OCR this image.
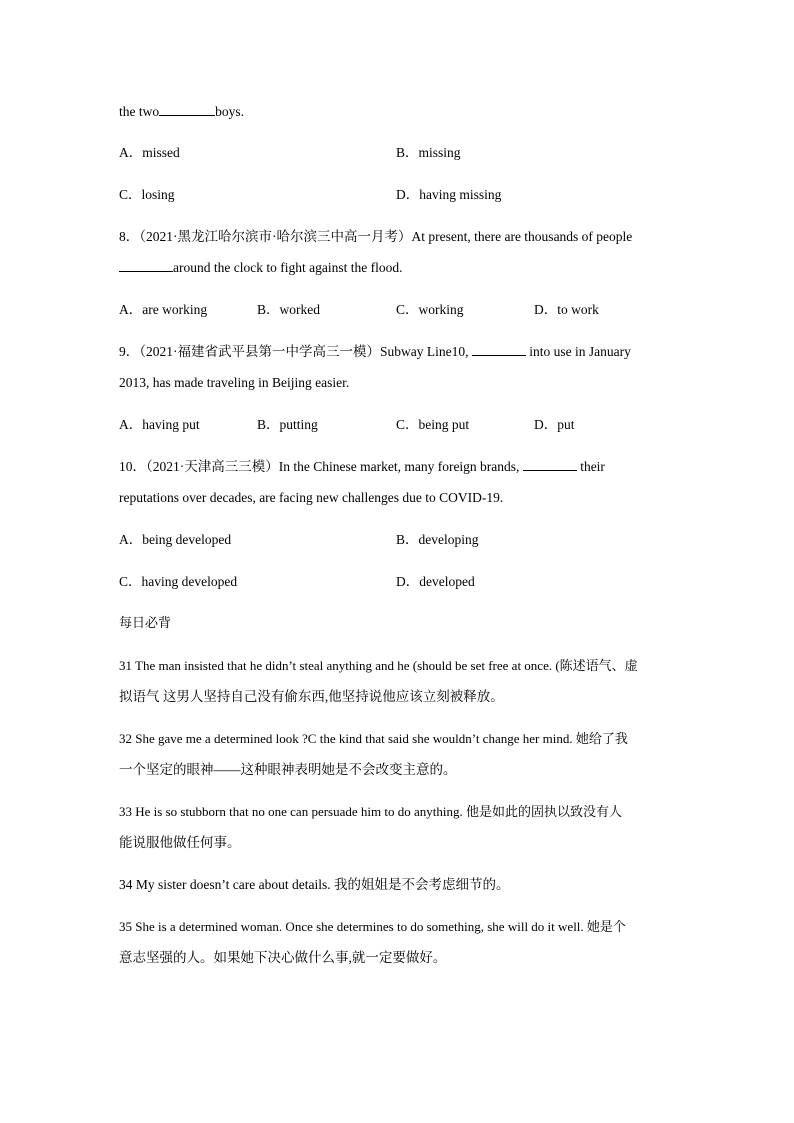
the two	boys.
A．missed	B．missing
C．losing	D．having missing
8．（2021·黑龙江哈尔滨市·哈尔滨三中高一月考）At present, there are thousands of people
around the clock to fight against the flood.
A．are working	B．worked	C．working	D．to work
9．（2021·福建省武平县第一中学高三一模）Subway Line10,	into use in January
2013, has made traveling in Beijing easier.
A．having put	B．putting	C．being put	D．put
10．（2021·天津高三三模）In the Chinese market, many foreign brands,	their
reputations over decades, are facing new challenges due to COVID-19.
A．being developed	B．developing
C．having developed	D．developed
每日必背
31 The man insisted that he didn’t steal anything and he (should be set free at once. (陈述语气、虚
拟语气 这男人坚持自己没有偷东西,他坚持说他应该立刻被释放。
32 She gave me a determined look ?C the kind that said she wouldn’t change her mind. 她给了我
一个坚定的眼神——这种眼神表明她是不会改变主意的。
33 He is so stubborn that no one can persuade him to do anything. 他是如此的固执以致没有人
能说服他做任何事。
34 My sister doesn’t care about details. 我的姐姐是不会考虑细节的。
35 She is a determined woman. Once she determines to do something, she will do it well. 她是个
意志坚强的人。如果她下决心做什么事,就一定要做好。
